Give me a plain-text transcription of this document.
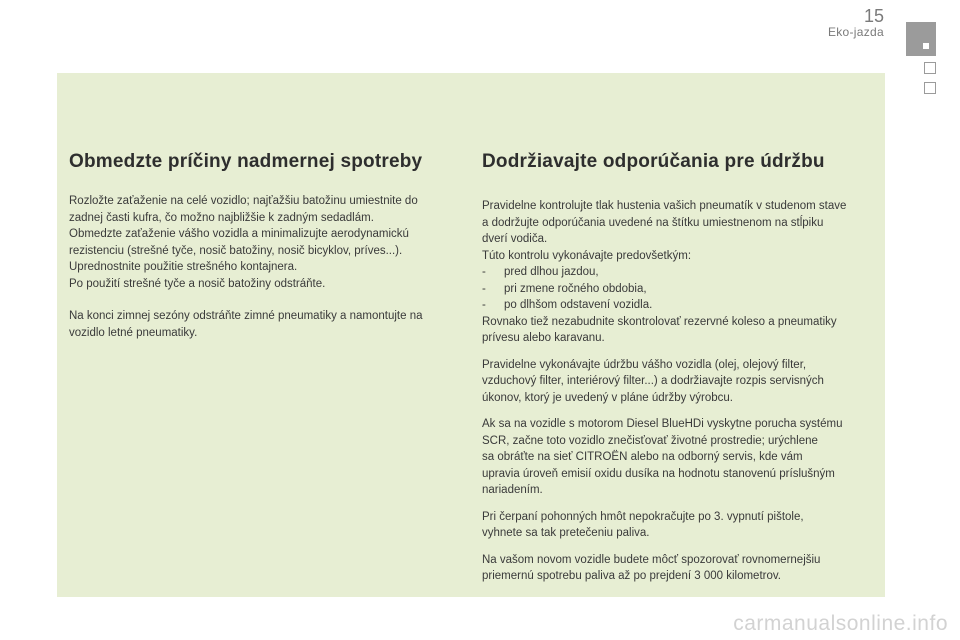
15
Eko-jazda
Obmedzte príčiny nadmernej spotreby

Rozložte zaťaženie na celé vozidlo; najťažšiu batožinu umiestnite do
zadnej časti kufra, čo možno najbližšie k zadným sedadlám.
Obmedzte zaťaženie vášho vozidla a minimalizujte aerodynamickú
rezistenciu (strešné tyče, nosič batožiny, nosič bicyklov, príves...).
Uprednostnite použitie strešného kontajnera.
Po použití strešné tyče a nosič batožiny odstráňte.

Na konci zimnej sezóny odstráňte zimné pneumatiky a namontujte na
vozidlo letné pneumatiky.

Dodržiavajte odporúčania pre údržbu

Pravidelne kontrolujte tlak hustenia vašich pneumatík v studenom stave
a dodržujte odporúčania uvedené na štítku umiestnenom na stĺpiku
dverí vodiča.
Túto kontrolu vykonávajte predovšetkým:
- pred dlhou jazdou,
- pri zmene ročného obdobia,
- po dlhšom odstavení vozidla.
Rovnako tiež nezabudnite skontrolovať rezervné koleso a pneumatiky
prívesu alebo karavanu.

Pravidelne vykonávajte údržbu vášho vozidla (olej, olejový filter,
vzduchový filter, interiérový filter...) a dodržiavajte rozpis servisných
úkonov, ktorý je uvedený v pláne údržby výrobcu.

Ak sa na vozidle s motorom Diesel BlueHDi vyskytne porucha systému
SCR, začne toto vozidlo znečisťovať životné prostredie; urýchlene
sa obráťte na sieť CITROËN alebo na odborný servis, kde vám
upravia úroveň emisií oxidu dusíka na hodnotu stanovenú príslušným
nariadením.

Pri čerpaní pohonných hmôt nepokračujte po 3. vypnutí pištole,
vyhnete sa tak pretečeniu paliva.

Na vašom novom vozidle budete môcť spozorovať rovnomernejšiu
priemernú spotrebu paliva až po prejdení 3 000 kilometrov.

carmanualsonline.info
